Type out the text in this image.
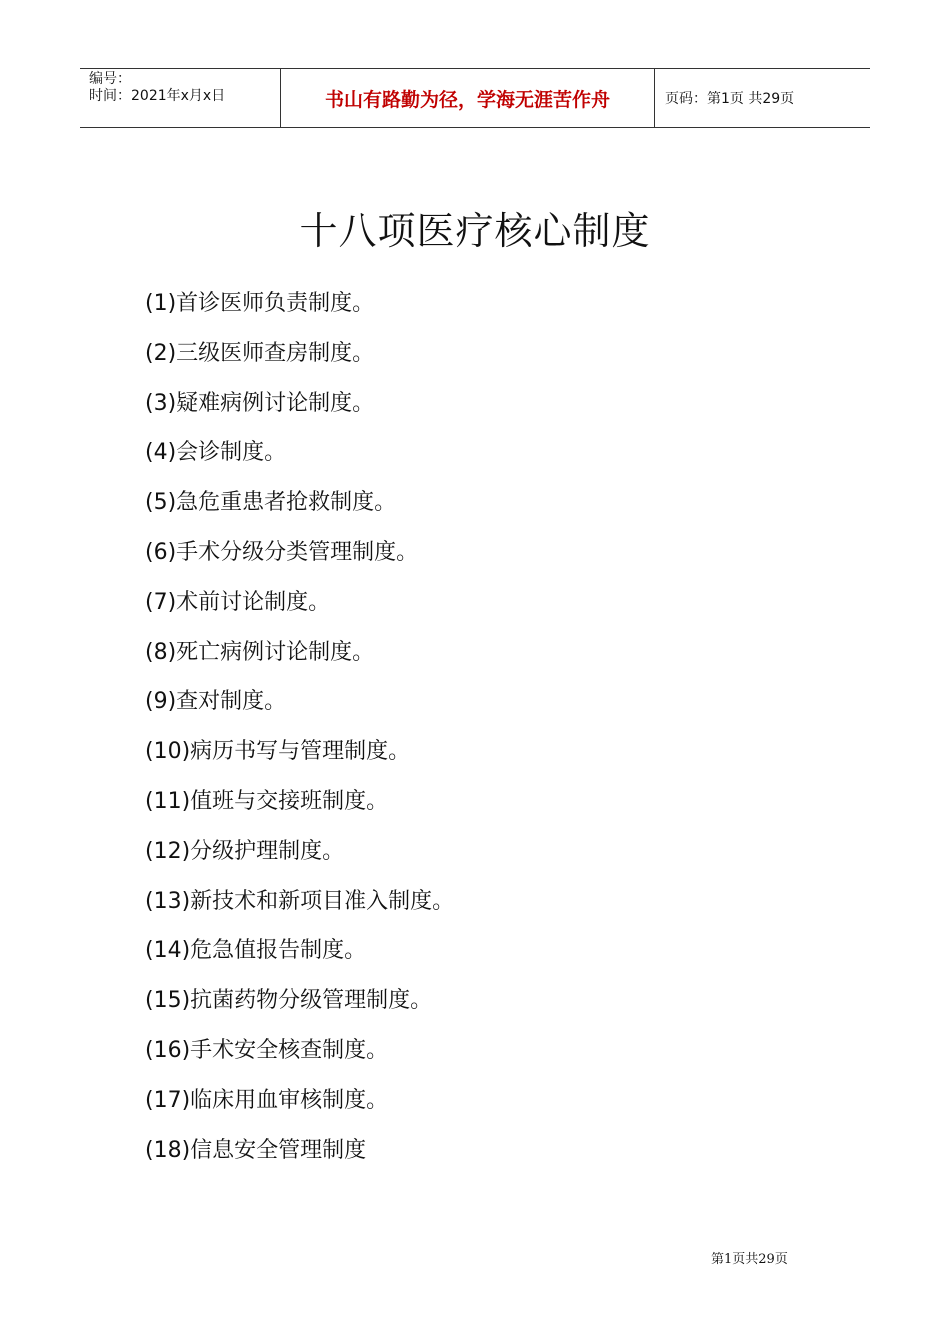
编号：
时间：2021年x月x日	书山有路勤为径，学海无涯苦作舟	页码：第1页 共29页
十八项医疗核心制度
(1)首诊医师负责制度。
(2)三级医师查房制度。
(3)疑难病例讨论制度。
(4)会诊制度。
(5)急危重患者抢救制度。
(6)手术分级分类管理制度。
(7)术前讨论制度。
(8)死亡病例讨论制度。
(9)查对制度。
(10)病历书写与管理制度。
(11)值班与交接班制度。
(12)分级护理制度。
(13)新技术和新项目准入制度。
(14)危急值报告制度。
(15)抗菌药物分级管理制度。
(16)手术安全核查制度。
(17)临床用血审核制度。
(18)信息安全管理制度
第1页共29页
